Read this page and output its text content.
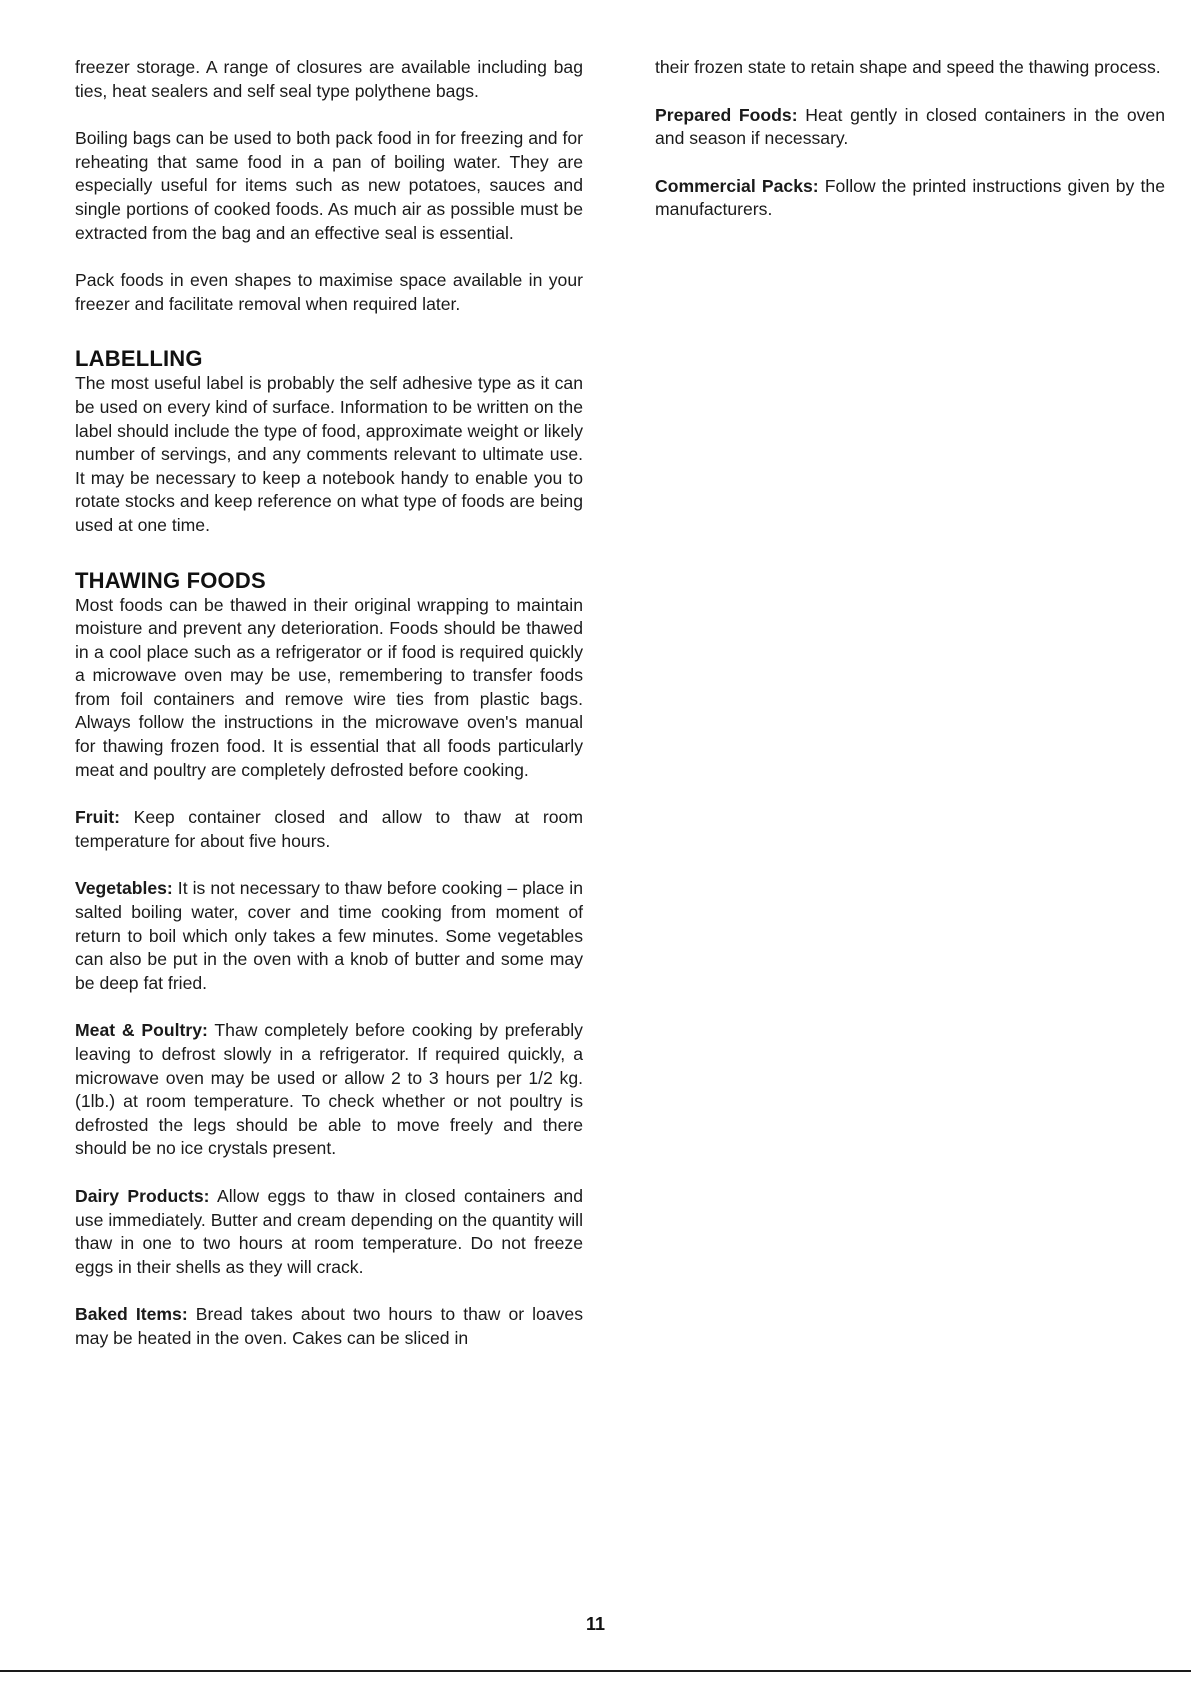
freezer storage. A range of closures are available including bag ties, heat sealers and self seal type polythene bags.

Boiling bags can be used to both pack food in for freezing and for reheating that same food in a pan of boiling water. They are especially useful for items such as new potatoes, sauces and single portions of cooked foods. As much air as possible must be extracted from the bag and an effective seal is essential.

Pack foods in even shapes to maximise space available in your freezer and facilitate removal when required later.

LABELLING

The most useful label is probably the self adhesive type as it can be used on every kind of surface. Information to be written on the label should include the type of food, approximate weight or likely number of servings, and any comments relevant to ultimate use. It may be necessary to keep a notebook handy to enable you to rotate stocks and keep reference on what type of foods are being used at one time.

THAWING FOODS

Most foods can be thawed in their original wrapping to maintain moisture and prevent any deterioration. Foods should be thawed in a cool place such as a refrigerator or if food is required quickly a microwave oven may be use, remembering to transfer foods from foil containers and remove wire ties from plastic bags. Always follow the instructions in the microwave oven's manual for thawing frozen food. It is essential that all foods particularly meat and poultry are completely defrosted before cooking.

Fruit: Keep container closed and allow to thaw at room temperature for about five hours.

Vegetables: It is not necessary to thaw before cooking – place in salted boiling water, cover and time cooking from moment of return to boil which only takes a few minutes. Some vegetables can also be put in the oven with a knob of butter and some may be deep fat fried.

Meat & Poultry: Thaw completely before cooking by preferably leaving to defrost slowly in a refrigerator. If required quickly, a microwave oven may be used or allow 2 to 3 hours per 1/2 kg. (1lb.) at room temperature. To check whether or not poultry is defrosted the legs should be able to move freely and there should be no ice crystals present.

Dairy Products: Allow eggs to thaw in closed containers and use immediately. Butter and cream depending on the quantity will thaw in one to two hours at room temperature. Do not freeze eggs in their shells as they will crack.

Baked Items: Bread takes about two hours to thaw or loaves may be heated in the oven. Cakes can be sliced in

their frozen state to retain shape and speed the thawing process.

Prepared Foods: Heat gently in closed containers in the oven and season if necessary.

Commercial Packs: Follow the printed instructions given by the manufacturers.

11
